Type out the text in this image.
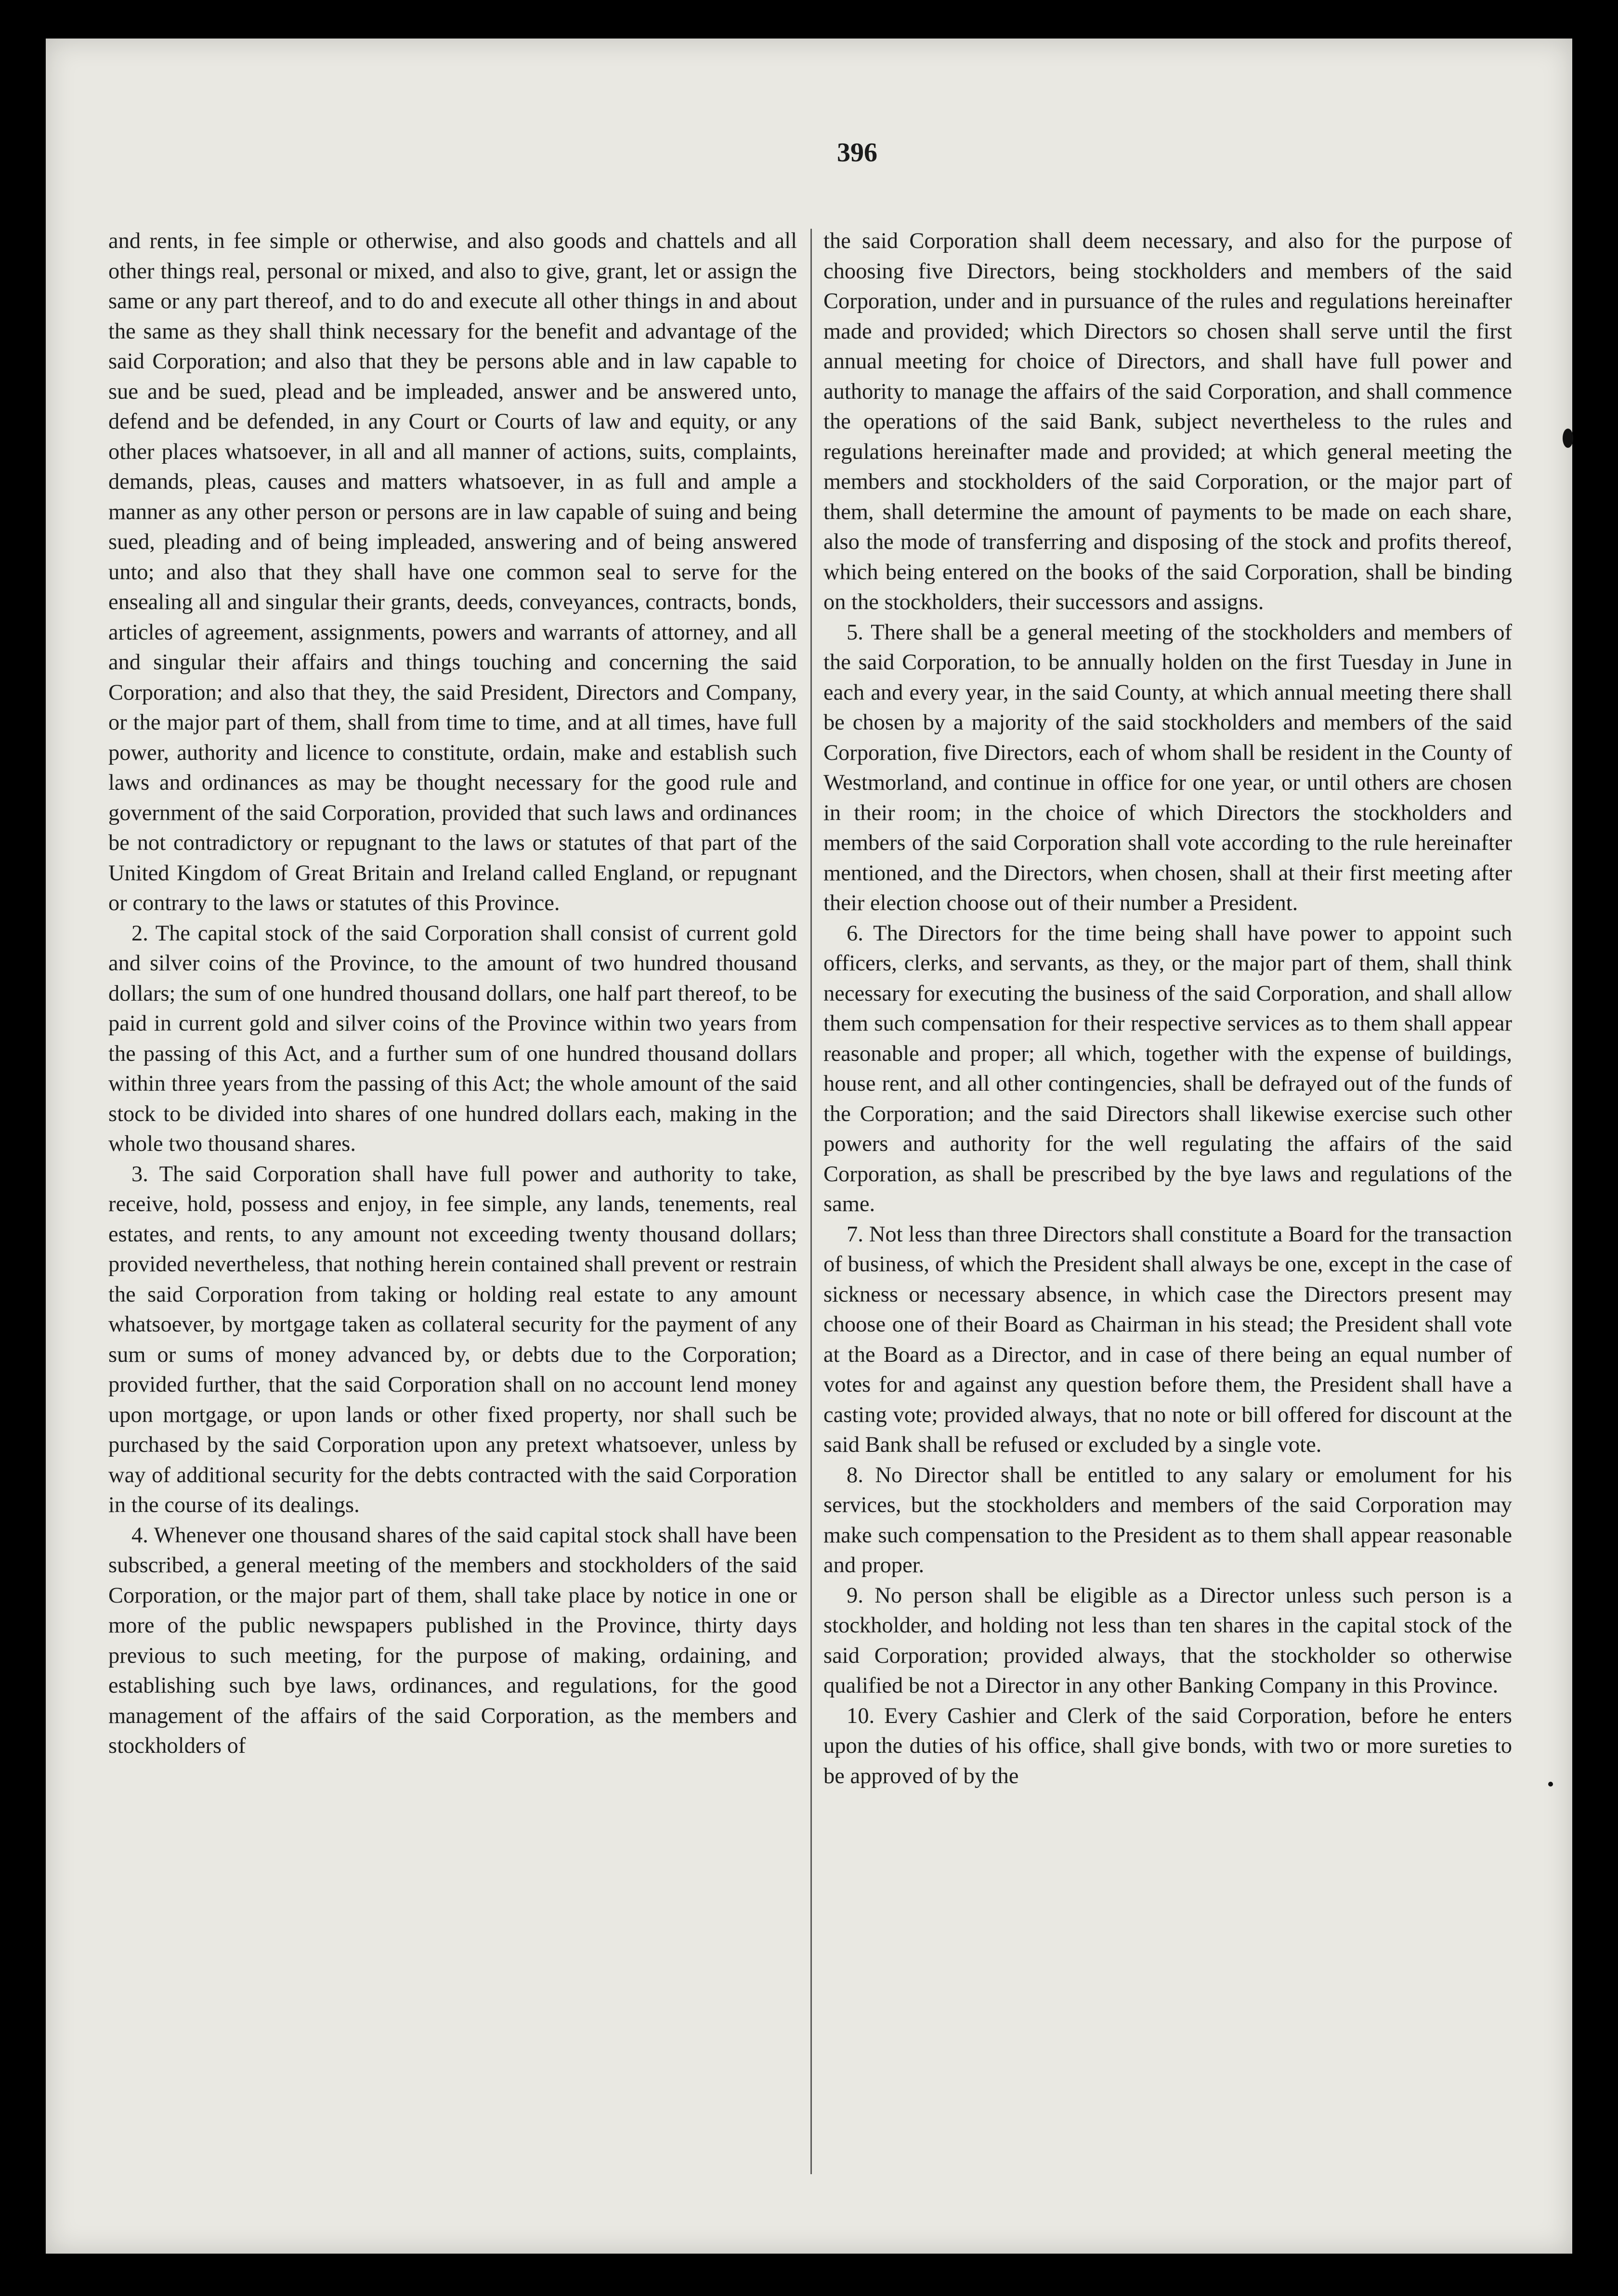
396

and rents, in fee simple or otherwise, and also goods and chattels and all other things real, personal or mixed, and also to give, grant, let or assign the same or any part thereof, and to do and execute all other things in and about the same as they shall think necessary for the benefit and advantage of the said Corporation; and also that they be persons able and in law capable to sue and be sued, plead and be impleaded, answer and be answered unto, defend and be defended, in any Court or Courts of law and equity, or any other places whatsoever, in all and all manner of actions, suits, complaints, demands, pleas, causes and matters whatsoever, in as full and ample a manner as any other person or persons are in law capable of suing and being sued, pleading and of being impleaded, answering and of being answered unto; and also that they shall have one common seal to serve for the ensealing all and singular their grants, deeds, conveyances, contracts, bonds, articles of agreement, assignments, powers and warrants of attorney, and all and singular their affairs and things touching and concerning the said Corporation; and also that they, the said President, Directors and Company, or the major part of them, shall from time to time, and at all times, have full power, authority and licence to constitute, ordain, make and establish such laws and ordinances as may be thought necessary for the good rule and government of the said Corporation, provided that such laws and ordinances be not contradictory or repugnant to the laws or statutes of that part of the United Kingdom of Great Britain and Ireland called England, or repugnant or contrary to the laws or statutes of this Province.

2. The capital stock of the said Corporation shall consist of current gold and silver coins of the Province, to the amount of two hundred thousand dollars; the sum of one hundred thousand dollars, one half part thereof, to be paid in current gold and silver coins of the Province within two years from the passing of this Act, and a further sum of one hundred thousand dollars within three years from the passing of this Act; the whole amount of the said stock to be divided into shares of one hundred dollars each, making in the whole two thousand shares.

3. The said Corporation shall have full power and authority to take, receive, hold, possess and enjoy, in fee simple, any lands, tenements, real estates, and rents, to any amount not exceeding twenty thousand dollars; provided nevertheless, that nothing herein contained shall prevent or restrain the said Corporation from taking or holding real estate to any amount whatsoever, by mortgage taken as collateral security for the payment of any sum or sums of money advanced by, or debts due to the Corporation; provided further, that the said Corporation shall on no account lend money upon mortgage, or upon lands or other fixed property, nor shall such be purchased by the said Corporation upon any pretext whatsoever, unless by way of additional security for the debts contracted with the said Corporation in the course of its dealings.

4. Whenever one thousand shares of the said capital stock shall have been subscribed, a general meeting of the members and stockholders of the said Corporation, or the major part of them, shall take place by notice in one or more of the public newspapers published in the Province, thirty days previous to such meeting, for the purpose of making, ordaining, and establishing such bye laws, ordinances, and regulations, for the good management of the affairs of the said Corporation, as the members and stockholders of

the said Corporation shall deem necessary, and also for the purpose of choosing five Directors, being stockholders and members of the said Corporation, under and in pursuance of the rules and regulations hereinafter made and provided; which Directors so chosen shall serve until the first annual meeting for choice of Directors, and shall have full power and authority to manage the affairs of the said Corporation, and shall commence the operations of the said Bank, subject nevertheless to the rules and regulations hereinafter made and provided; at which general meeting the members and stockholders of the said Corporation, or the major part of them, shall determine the amount of payments to be made on each share, also the mode of transferring and disposing of the stock and profits thereof, which being entered on the books of the said Corporation, shall be binding on the stockholders, their successors and assigns.

5. There shall be a general meeting of the stockholders and members of the said Corporation, to be annually holden on the first Tuesday in June in each and every year, in the said County, at which annual meeting there shall be chosen by a majority of the said stockholders and members of the said Corporation, five Directors, each of whom shall be resident in the County of Westmorland, and continue in office for one year, or until others are chosen in their room; in the choice of which Directors the stockholders and members of the said Corporation shall vote according to the rule hereinafter mentioned, and the Directors, when chosen, shall at their first meeting after their election choose out of their number a President.

6. The Directors for the time being shall have power to appoint such officers, clerks, and servants, as they, or the major part of them, shall think necessary for executing the business of the said Corporation, and shall allow them such compensation for their respective services as to them shall appear reasonable and proper; all which, together with the expense of buildings, house rent, and all other contingencies, shall be defrayed out of the funds of the Corporation; and the said Directors shall likewise exercise such other powers and authority for the well regulating the affairs of the said Corporation, as shall be prescribed by the bye laws and regulations of the same.

7. Not less than three Directors shall constitute a Board for the transaction of business, of which the President shall always be one, except in the case of sickness or necessary absence, in which case the Directors present may choose one of their Board as Chairman in his stead; the President shall vote at the Board as a Director, and in case of there being an equal number of votes for and against any question before them, the President shall have a casting vote; provided always, that no note or bill offered for discount at the said Bank shall be refused or excluded by a single vote.

8. No Director shall be entitled to any salary or emolument for his services, but the stockholders and members of the said Corporation may make such compensation to the President as to them shall appear reasonable and proper.

9. No person shall be eligible as a Director unless such person is a stockholder, and holding not less than ten shares in the capital stock of the said Corporation; provided always, that the stockholder so otherwise qualified be not a Director in any other Banking Company in this Province.

10. Every Cashier and Clerk of the said Corporation, before he enters upon the duties of his office, shall give bonds, with two or more sureties to be approved of by the
